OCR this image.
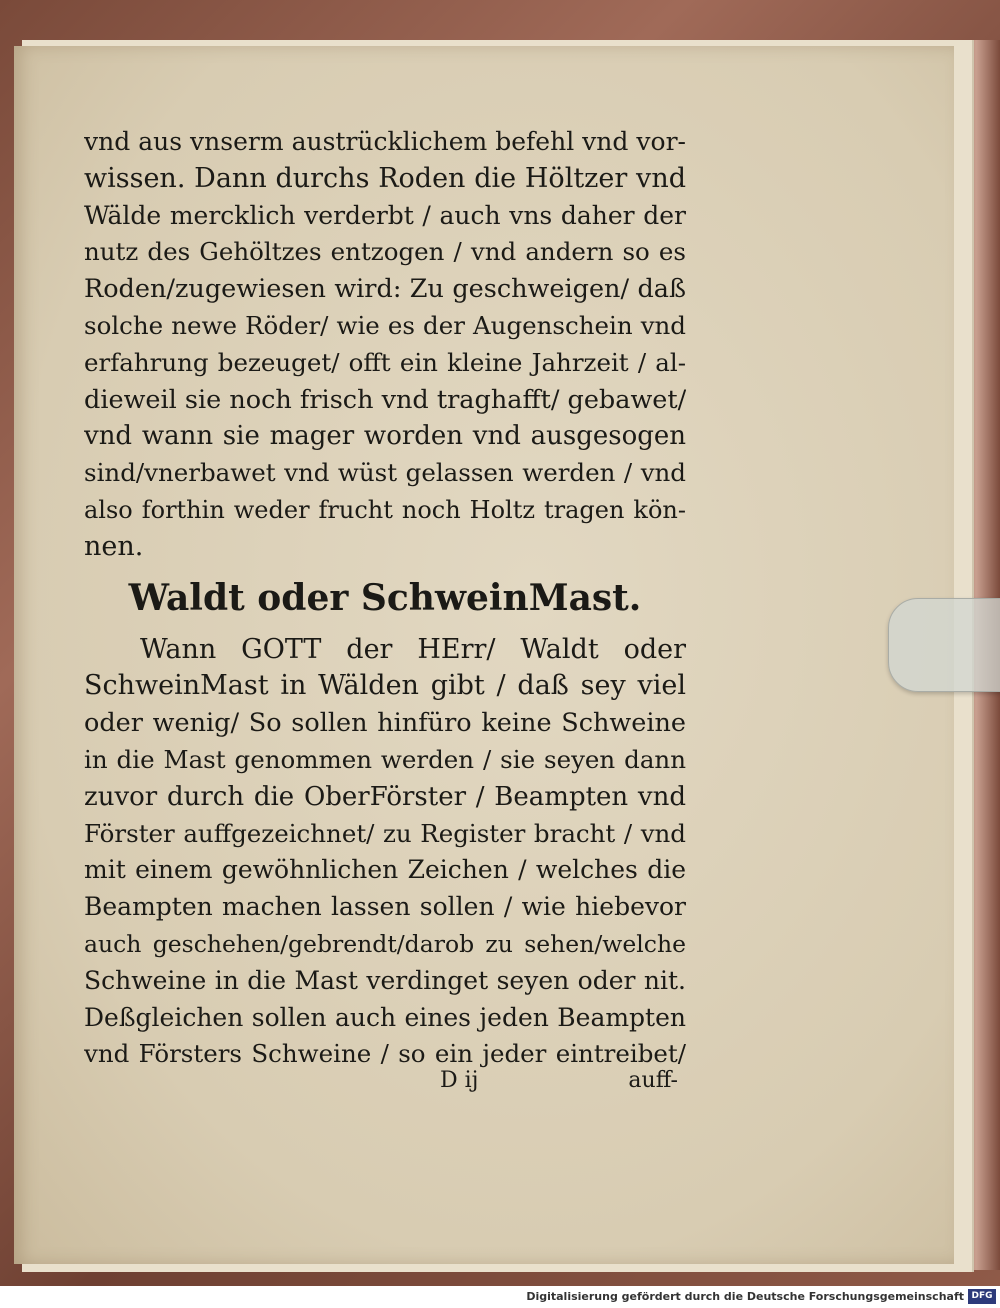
vnd aus vnserm austrücklichem befehl vnd vor-
wissen. Dann durchs Roden die Höltzer vnd
Wälde mercklich verderbt / auch vns daher der
nutz des Gehöltzes entzogen / vnd andern so es
Roden/zugewiesen wird: Zu geschweigen/ daß
solche newe Röder/ wie es der Augenschein vnd
erfahrung bezeuget/ offt ein kleine Jahrzeit / al-
dieweil sie noch frisch vnd traghafft/ gebawet/
vnd wann sie mager worden vnd ausgesogen
sind/vnerbawet vnd wüst gelassen werden / vnd
also forthin weder frucht noch Holtz tragen kön-
nen.
Waldt oder SchweinMast.
Wann GOTT der HErr/ Waldt oder
SchweinMast in Wälden gibt / daß sey viel
oder wenig/ So sollen hinfüro keine Schweine
in die Mast genommen werden / sie seyen dann
zuvor durch die OberFörster / Beampten vnd
Förster auffgezeichnet/ zu Register bracht / vnd
mit einem gewöhnlichen Zeichen / welches die
Beampten machen lassen sollen / wie hiebevor
auch geschehen/gebrendt/darob zu sehen/welche
Schweine in die Mast verdinget seyen oder nit.
Deßgleichen sollen auch eines jeden Beampten
vnd Försters Schweine / so ein jeder eintreibet/
D ij	auff-
Digitalisierung gefördert durch die Deutsche Forschungsgemeinschaft DFG
